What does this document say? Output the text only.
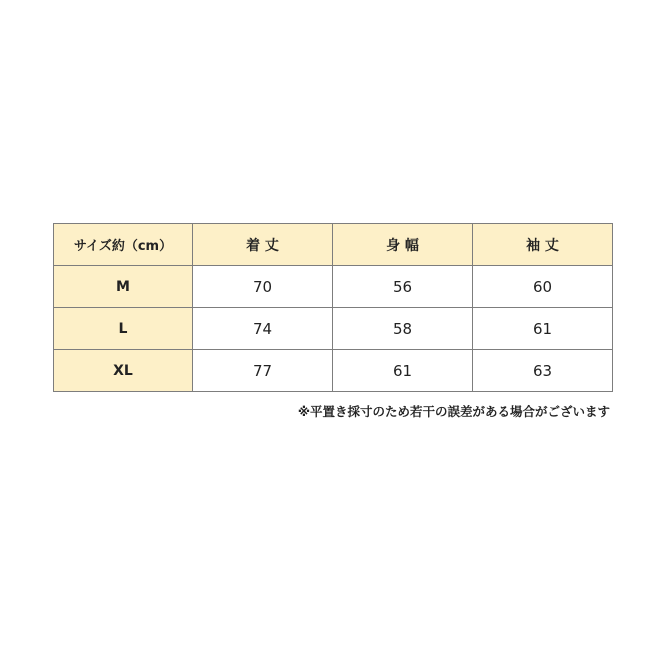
サイズ約（cm）	着 丈	身 幅	袖 丈
M	70	56	60
L	74	58	61
XL	77	61	63
※平置き採寸のため若干の誤差がある場合がございます
